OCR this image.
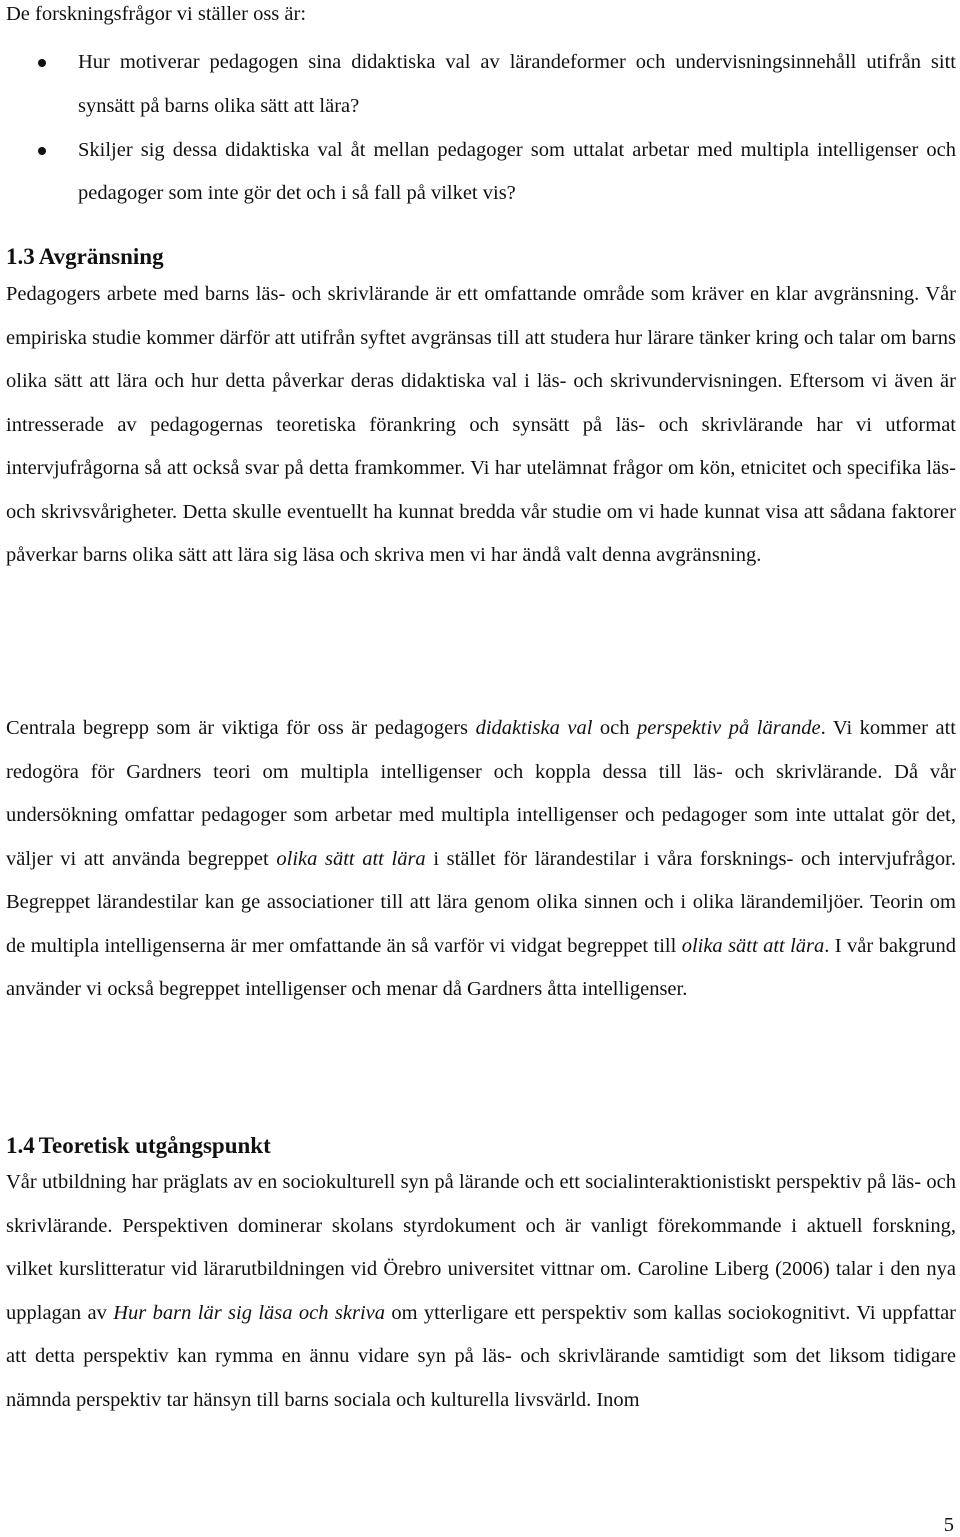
De forskningsfrågor vi ställer oss är:
Hur motiverar pedagogen sina didaktiska val av lärandeformer och undervisningsinnehåll utifrån sitt synsätt på barns olika sätt att lära?
Skiljer sig dessa didaktiska val åt mellan pedagoger som uttalat arbetar med multipla intelligenser och pedagoger som inte gör det och i så fall på vilket vis?
1.3 Avgränsning

Pedagogers arbete med barns läs- och skrivlärande är ett omfattande område som kräver en klar avgränsning. Vår empiriska studie kommer därför att utifrån syftet avgränsas till att studera hur lärare tänker kring och talar om barns olika sätt att lära och hur detta påverkar deras didaktiska val i läs- och skrivundervisningen. Eftersom vi även är intresserade av pedagogernas teoretiska förankring och synsätt på läs- och skrivlärande har vi utformat intervjufrågorna så att också svar på detta framkommer. Vi har utelämnat frågor om kön, etnicitet och specifika läs- och skrivsvårigheter. Detta skulle eventuellt ha kunnat bredda vår studie om vi hade kunnat visa att sådana faktorer påverkar barns olika sätt att lära sig läsa och skriva men vi har ändå valt denna avgränsning.

Centrala begrepp som är viktiga för oss är pedagogers didaktiska val och perspektiv på lärande. Vi kommer att redogöra för Gardners teori om multipla intelligenser och koppla dessa till läs- och skrivlärande. Då vår undersökning omfattar pedagoger som arbetar med multipla intelligenser och pedagoger som inte uttalat gör det, väljer vi att använda begreppet olika sätt att lära i stället för lärandestilar i våra forsknings- och intervjufrågor. Begreppet lärandestilar kan ge associationer till att lära genom olika sinnen och i olika lärandemiljöer. Teorin om de multipla intelligenserna är mer omfattande än så varför vi vidgat begreppet till olika sätt att lära. I vår bakgrund använder vi också begreppet intelligenser och menar då Gardners åtta intelligenser.

1.4 Teoretisk utgångspunkt

Vår utbildning har präglats av en sociokulturell syn på lärande och ett socialinteraktionistiskt perspektiv på läs- och skrivlärande. Perspektiven dominerar skolans styrdokument och är vanligt förekommande i aktuell forskning, vilket kurslitteratur vid lärarutbildningen vid Örebro universitet vittnar om. Caroline Liberg (2006) talar i den nya upplagan av Hur barn lär sig läsa och skriva om ytterligare ett perspektiv som kallas sociokognitivt. Vi uppfattar att detta perspektiv kan rymma en ännu vidare syn på läs- och skrivlärande samtidigt som det liksom tidigare nämnda perspektiv tar hänsyn till barns sociala och kulturella livsvärld. Inom

5
